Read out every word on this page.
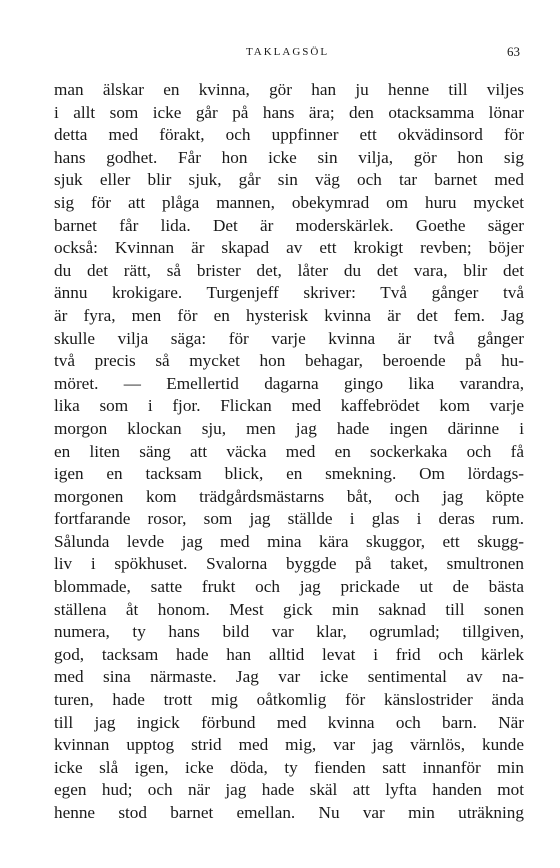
TAKLAGSÖL	63
man älskar en kvinna, gör han ju henne till viljes
i allt som icke går på hans ära; den otacksamma lönar
detta med förakt, och uppfinner ett okvädinsord för
hans godhet. Får hon icke sin vilja, gör hon sig
sjuk eller blir sjuk, går sin väg och tar barnet med
sig för att plåga mannen, obekymrad om huru mycket
barnet får lida. Det är moderskärlek. Goethe säger
också: Kvinnan är skapad av ett krokigt revben; böjer
du det rätt, så brister det, låter du det vara, blir det
ännu krokigare. Turgenjeff skriver: Två gånger två
är fyra, men för en hysterisk kvinna är det fem. Jag
skulle vilja säga: för varje kvinna är två gånger
två precis så mycket hon behagar, beroende på hu-
möret. — Emellertid dagarna gingo lika varandra,
lika som i fjor. Flickan med kaffebrödet kom varje
morgon klockan sju, men jag hade ingen därinne i
en liten säng att väcka med en sockerkaka och få
igen en tacksam blick, en smekning. Om lördags-
morgonen kom trädgårdsmästarns båt, och jag köpte
fortfarande rosor, som jag ställde i glas i deras rum.
Sålunda levde jag med mina kära skuggor, ett skugg-
liv i spökhuset. Svalorna byggde på taket, smultronen
blommade, satte frukt och jag prickade ut de bästa
ställena åt honom. Mest gick min saknad till sonen
numera, ty hans bild var klar, ogrumlad; tillgiven,
god, tacksam hade han alltid levat i frid och kärlek
med sina närmaste. Jag var icke sentimental av na-
turen, hade trott mig oåtkomlig för känslostrider ända
till jag ingick förbund med kvinna och barn. När
kvinnan upptog strid med mig, var jag värnlös, kunde
icke slå igen, icke döda, ty fienden satt innanför min
egen hud; och när jag hade skäl att lyfta handen mot
henne stod barnet emellan. Nu var min uträkning
